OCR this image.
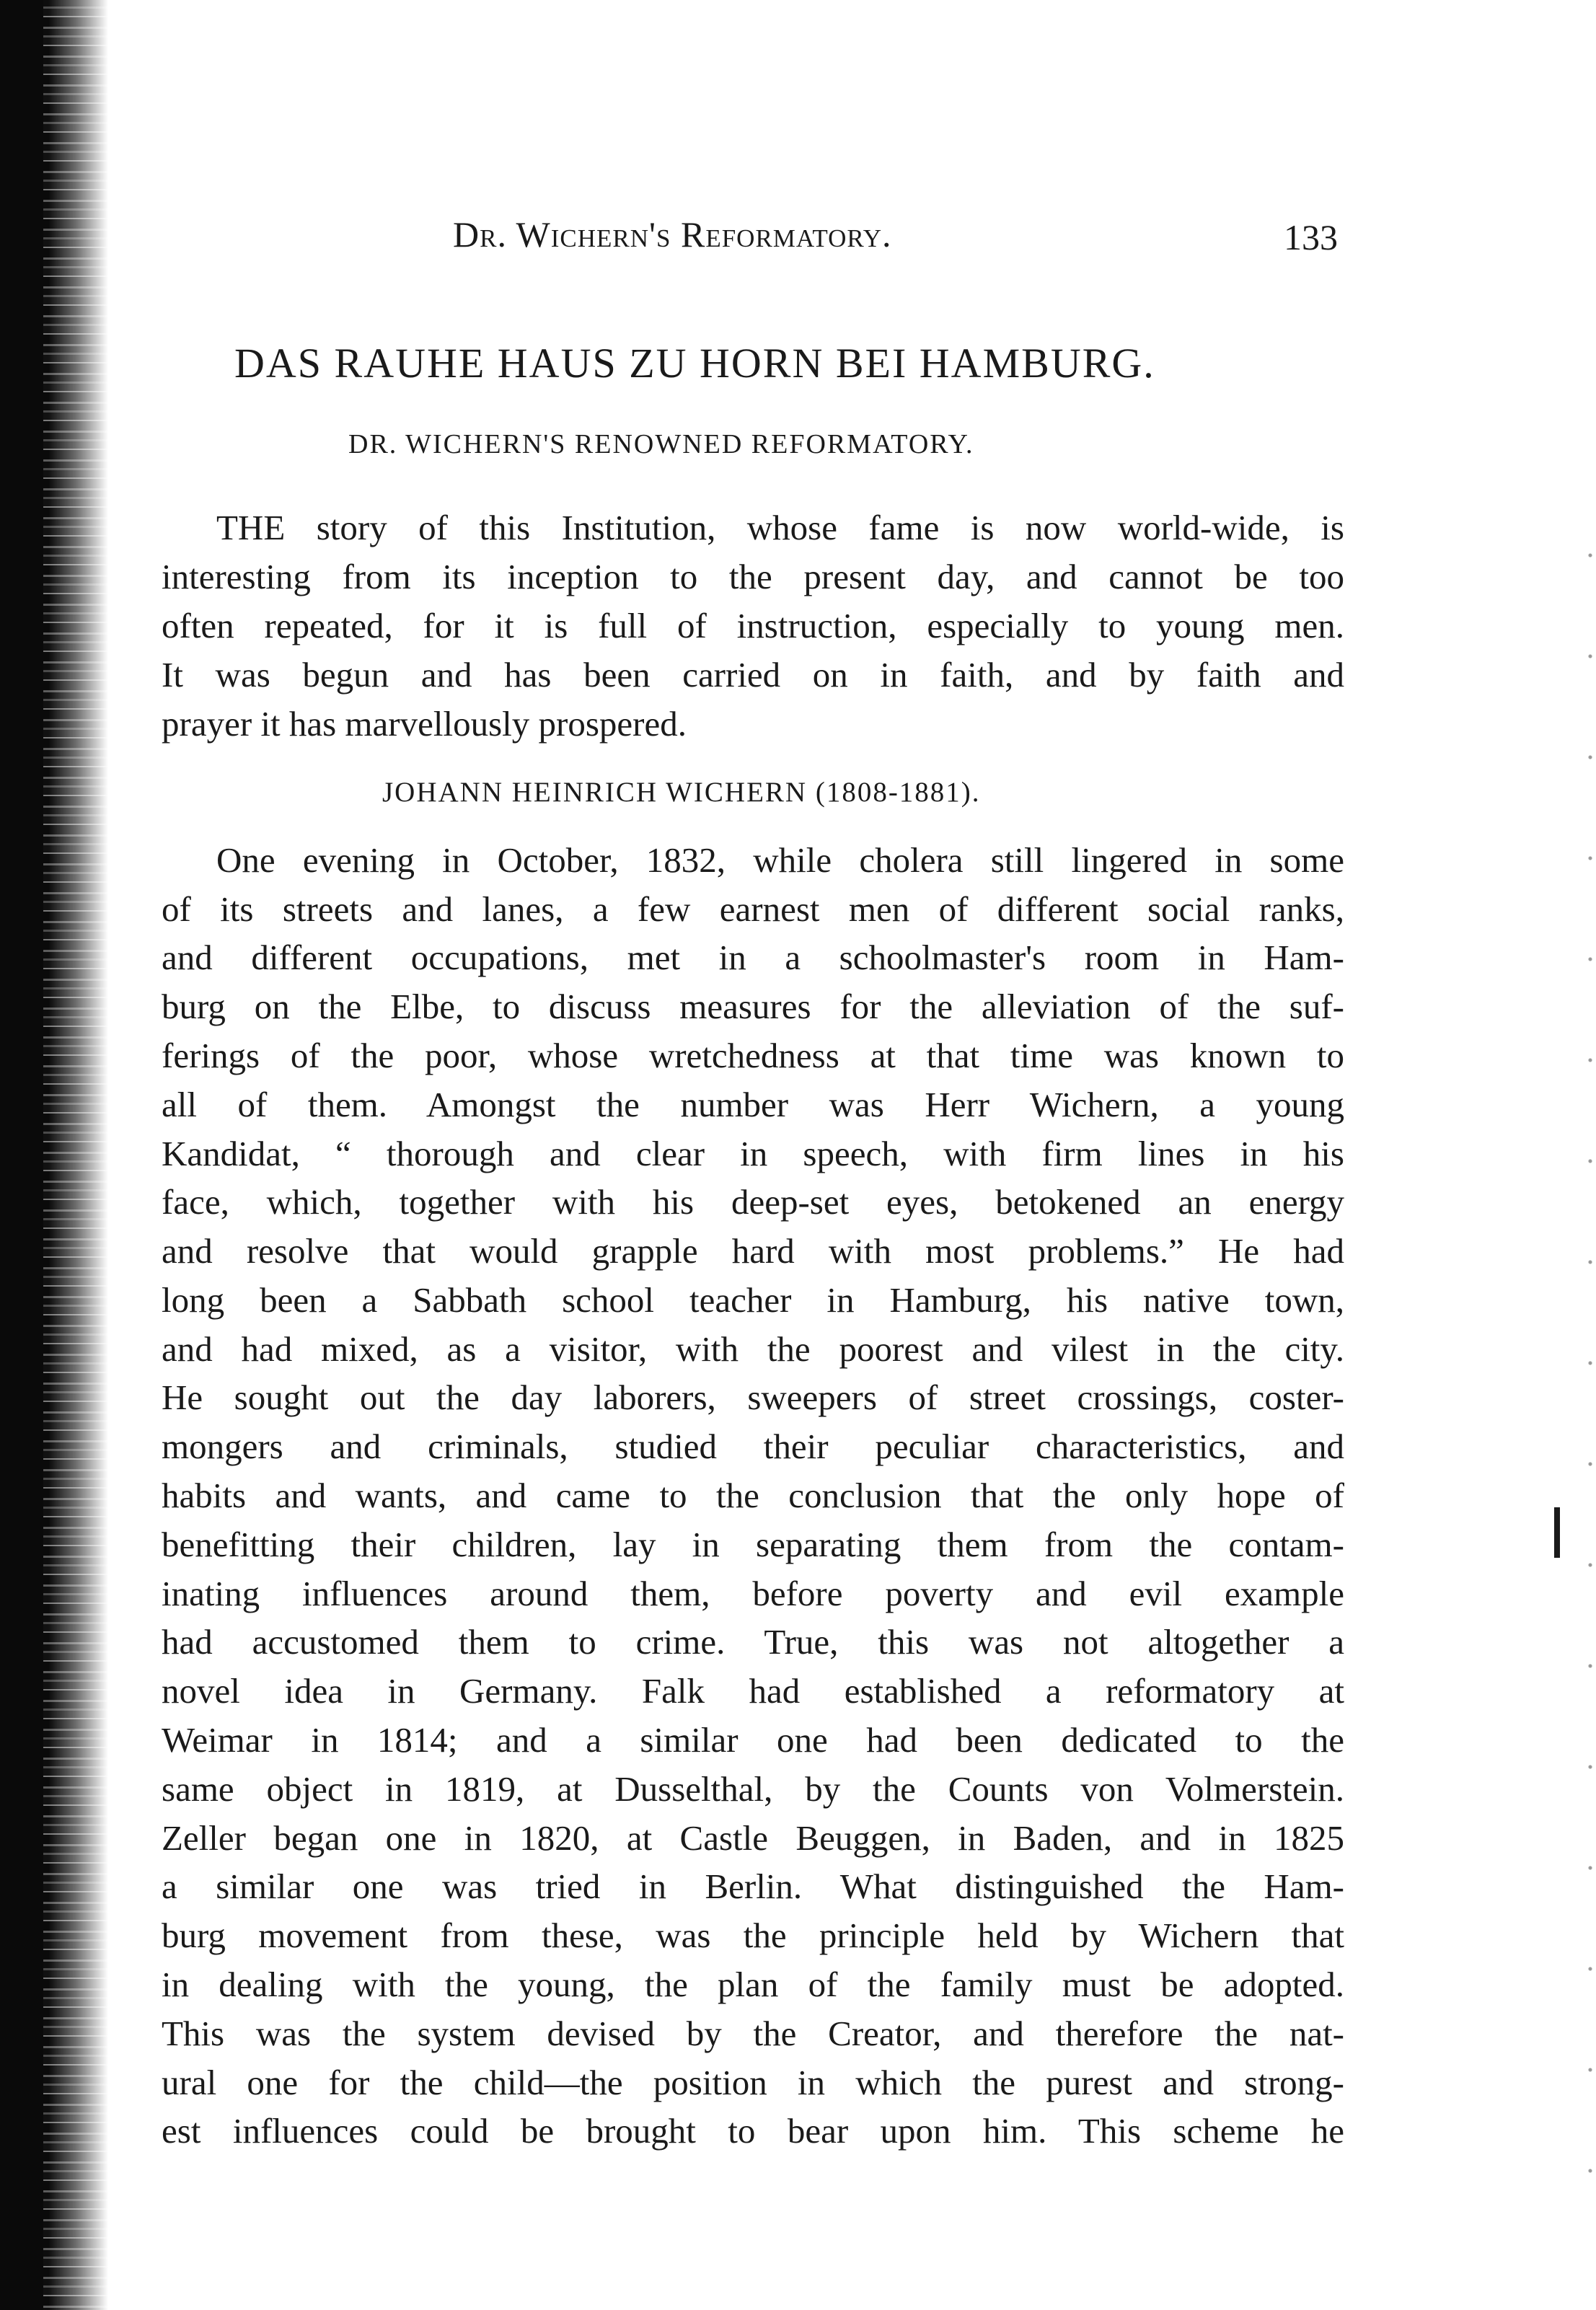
Dr. Wichern's Reformatory.	133
DAS RAUHE HAUS ZU HORN BEI HAMBURG.
DR. WICHERN'S RENOWNED REFORMATORY.
THE story of this Institution, whose fame is now world-wide, is
interesting from its inception to the present day, and cannot be too
often repeated, for it is full of instruction, especially to young men.
It was begun and has been carried on in faith, and by faith and
prayer it has marvellously prospered.
JOHANN HEINRICH WICHERN (1808-1881).
One evening in October, 1832, while cholera still lingered in some
of its streets and lanes, a few earnest men of different social ranks,
and different occupations, met in a schoolmaster's room in Ham-
burg on the Elbe, to discuss measures for the alleviation of the suf-
ferings of the poor, whose wretchedness at that time was known to
all of them. Amongst the number was Herr Wichern, a young
Kandidat, “ thorough and clear in speech, with firm lines in his
face, which, together with his deep-set eyes, betokened an energy
and resolve that would grapple hard with most problems.” He had
long been a Sabbath school teacher in Hamburg, his native town,
and had mixed, as a visitor, with the poorest and vilest in the city.
He sought out the day laborers, sweepers of street crossings, coster-
mongers and criminals, studied their peculiar characteristics, and
habits and wants, and came to the conclusion that the only hope of
benefitting their children, lay in separating them from the contam-
inating influences around them, before poverty and evil example
had accustomed them to crime. True, this was not altogether a
novel idea in Germany. Falk had established a reformatory at
Weimar in 1814; and a similar one had been dedicated to the
same object in 1819, at Dusselthal, by the Counts von Volmerstein.
Zeller began one in 1820, at Castle Beuggen, in Baden, and in 1825
a similar one was tried in Berlin. What distinguished the Ham-
burg movement from these, was the principle held by Wichern that
in dealing with the young, the plan of the family must be adopted.
This was the system devised by the Creator, and therefore the nat-
ural one for the child—the position in which the purest and strong-
est influences could be brought to bear upon him. This scheme he
